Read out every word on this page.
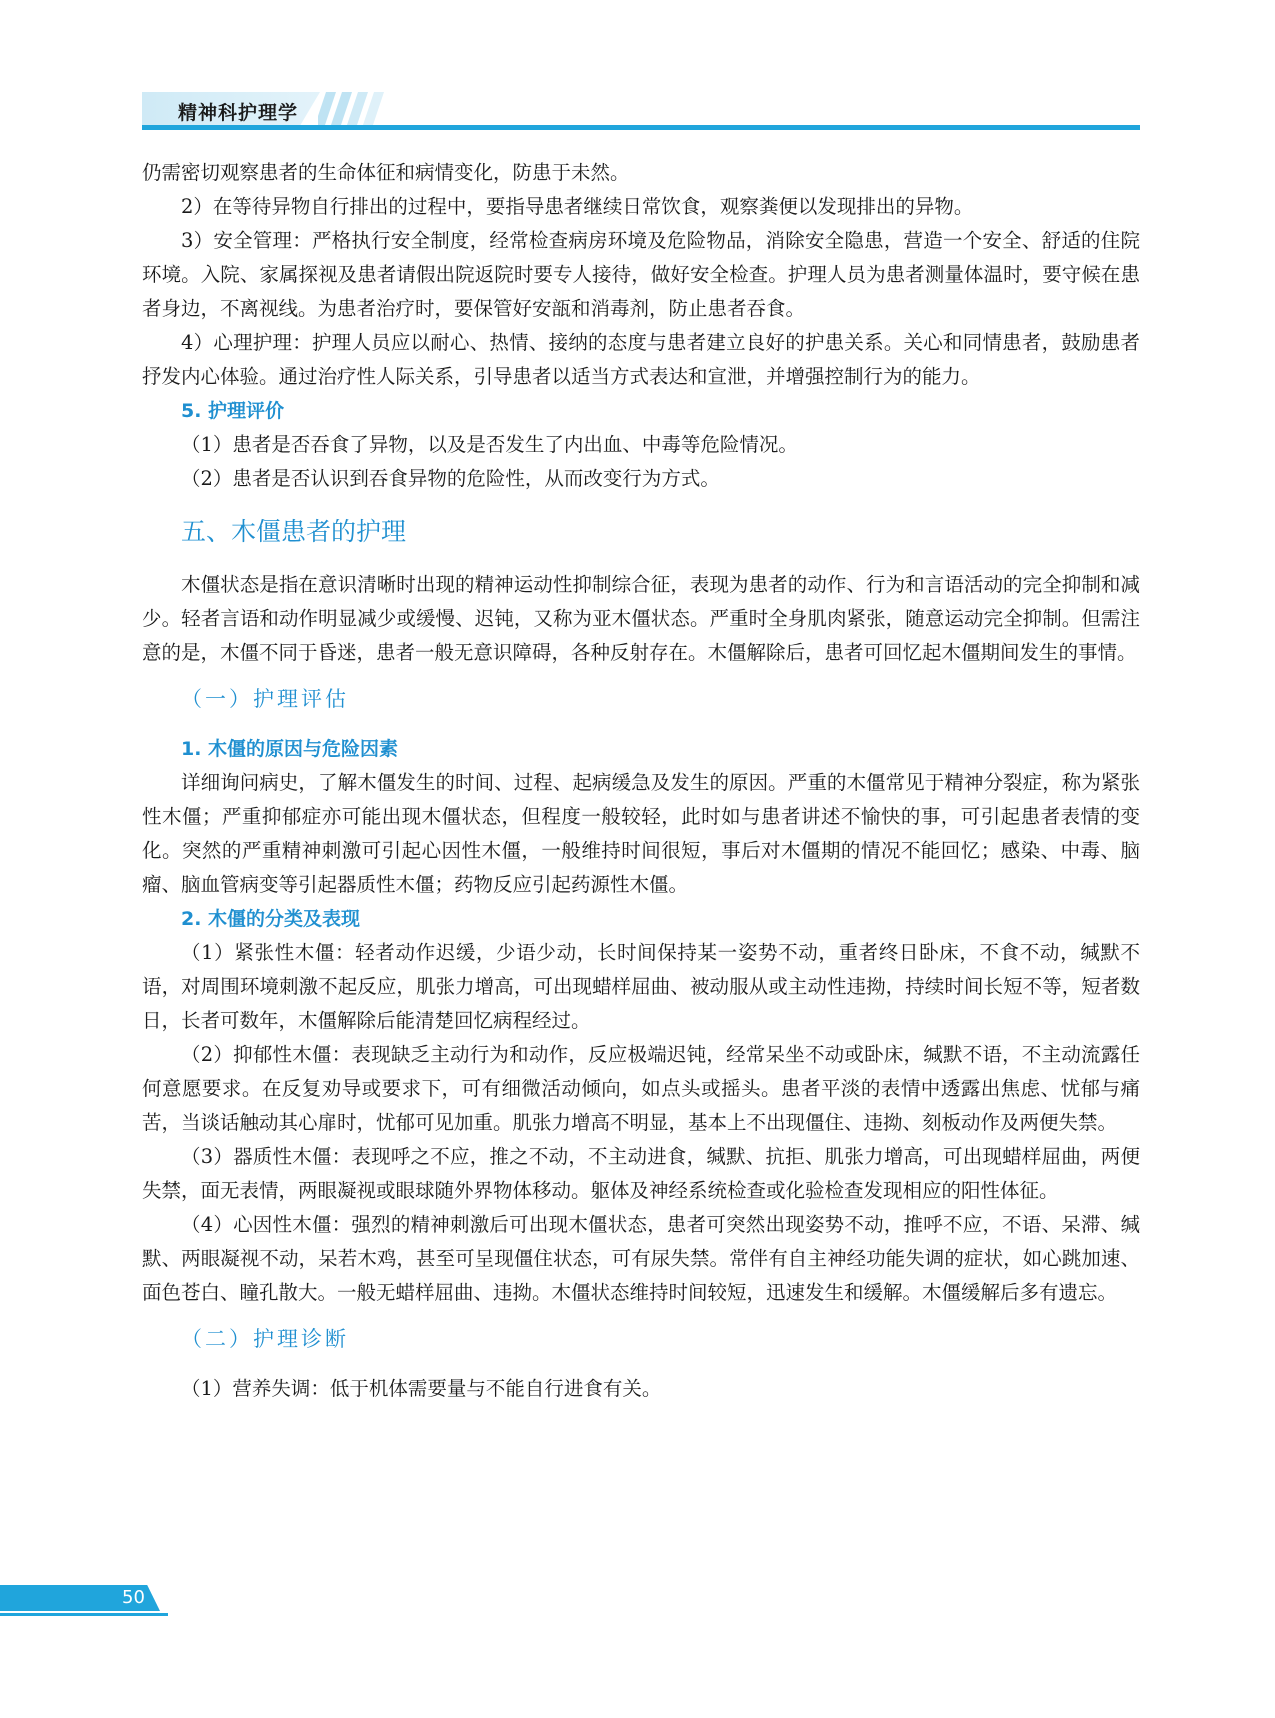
精神科护理学

仍需密切观察患者的生命体征和病情变化，防患于未然。

2）在等待异物自行排出的过程中，要指导患者继续日常饮食，观察粪便以发现排出的异物。

3）安全管理：严格执行安全制度，经常检查病房环境及危险物品，消除安全隐患，营造一个安全、舒适的住院环境。入院、家属探视及患者请假出院返院时要专人接待，做好安全检查。护理人员为患者测量体温时，要守候在患者身边，不离视线。为患者治疗时，要保管好安瓿和消毒剂，防止患者吞食。

4）心理护理：护理人员应以耐心、热情、接纳的态度与患者建立良好的护患关系。关心和同情患者，鼓励患者抒发内心体验。通过治疗性人际关系，引导患者以适当方式表达和宣泄，并增强控制行为的能力。

5. 护理评价

（1）患者是否吞食了异物，以及是否发生了内出血、中毒等危险情况。

（2）患者是否认识到吞食异物的危险性，从而改变行为方式。

五、木僵患者的护理

木僵状态是指在意识清晰时出现的精神运动性抑制综合征，表现为患者的动作、行为和言语活动的完全抑制和减少。轻者言语和动作明显减少或缓慢、迟钝，又称为亚木僵状态。严重时全身肌肉紧张，随意运动完全抑制。但需注意的是，木僵不同于昏迷，患者一般无意识障碍，各种反射存在。木僵解除后，患者可回忆起木僵期间发生的事情。

（一）护理评估
1. 木僵的原因与危险因素

详细询问病史，了解木僵发生的时间、过程、起病缓急及发生的原因。严重的木僵常见于精神分裂症，称为紧张性木僵；严重抑郁症亦可能出现木僵状态，但程度一般较轻，此时如与患者讲述不愉快的事，可引起患者表情的变化。突然的严重精神刺激可引起心因性木僵，一般维持时间很短，事后对木僵期的情况不能回忆；感染、中毒、脑瘤、脑血管病变等引起器质性木僵；药物反应引起药源性木僵。

2. 木僵的分类及表现

（1）紧张性木僵：轻者动作迟缓，少语少动，长时间保持某一姿势不动，重者终日卧床，不食不动，缄默不语，对周围环境刺激不起反应，肌张力增高，可出现蜡样屈曲、被动服从或主动性违拗，持续时间长短不等，短者数日，长者可数年，木僵解除后能清楚回忆病程经过。

（2）抑郁性木僵：表现缺乏主动行为和动作，反应极端迟钝，经常呆坐不动或卧床，缄默不语，不主动流露任何意愿要求。在反复劝导或要求下，可有细微活动倾向，如点头或摇头。患者平淡的表情中透露出焦虑、忧郁与痛苦，当谈话触动其心扉时，忧郁可见加重。肌张力增高不明显，基本上不出现僵住、违拗、刻板动作及两便失禁。

（3）器质性木僵：表现呼之不应，推之不动，不主动进食，缄默、抗拒、肌张力增高，可出现蜡样屈曲，两便失禁，面无表情，两眼凝视或眼球随外界物体移动。躯体及神经系统检查或化验检查发现相应的阳性体征。

（4）心因性木僵：强烈的精神刺激后可出现木僵状态，患者可突然出现姿势不动，推呼不应，不语、呆滞、缄默、两眼凝视不动，呆若木鸡，甚至可呈现僵住状态，可有尿失禁。常伴有自主神经功能失调的症状，如心跳加速、面色苍白、瞳孔散大。一般无蜡样屈曲、违拗。木僵状态维持时间较短，迅速发生和缓解。木僵缓解后多有遗忘。

（二）护理诊断

（1）营养失调：低于机体需要量与不能自行进食有关。

50
